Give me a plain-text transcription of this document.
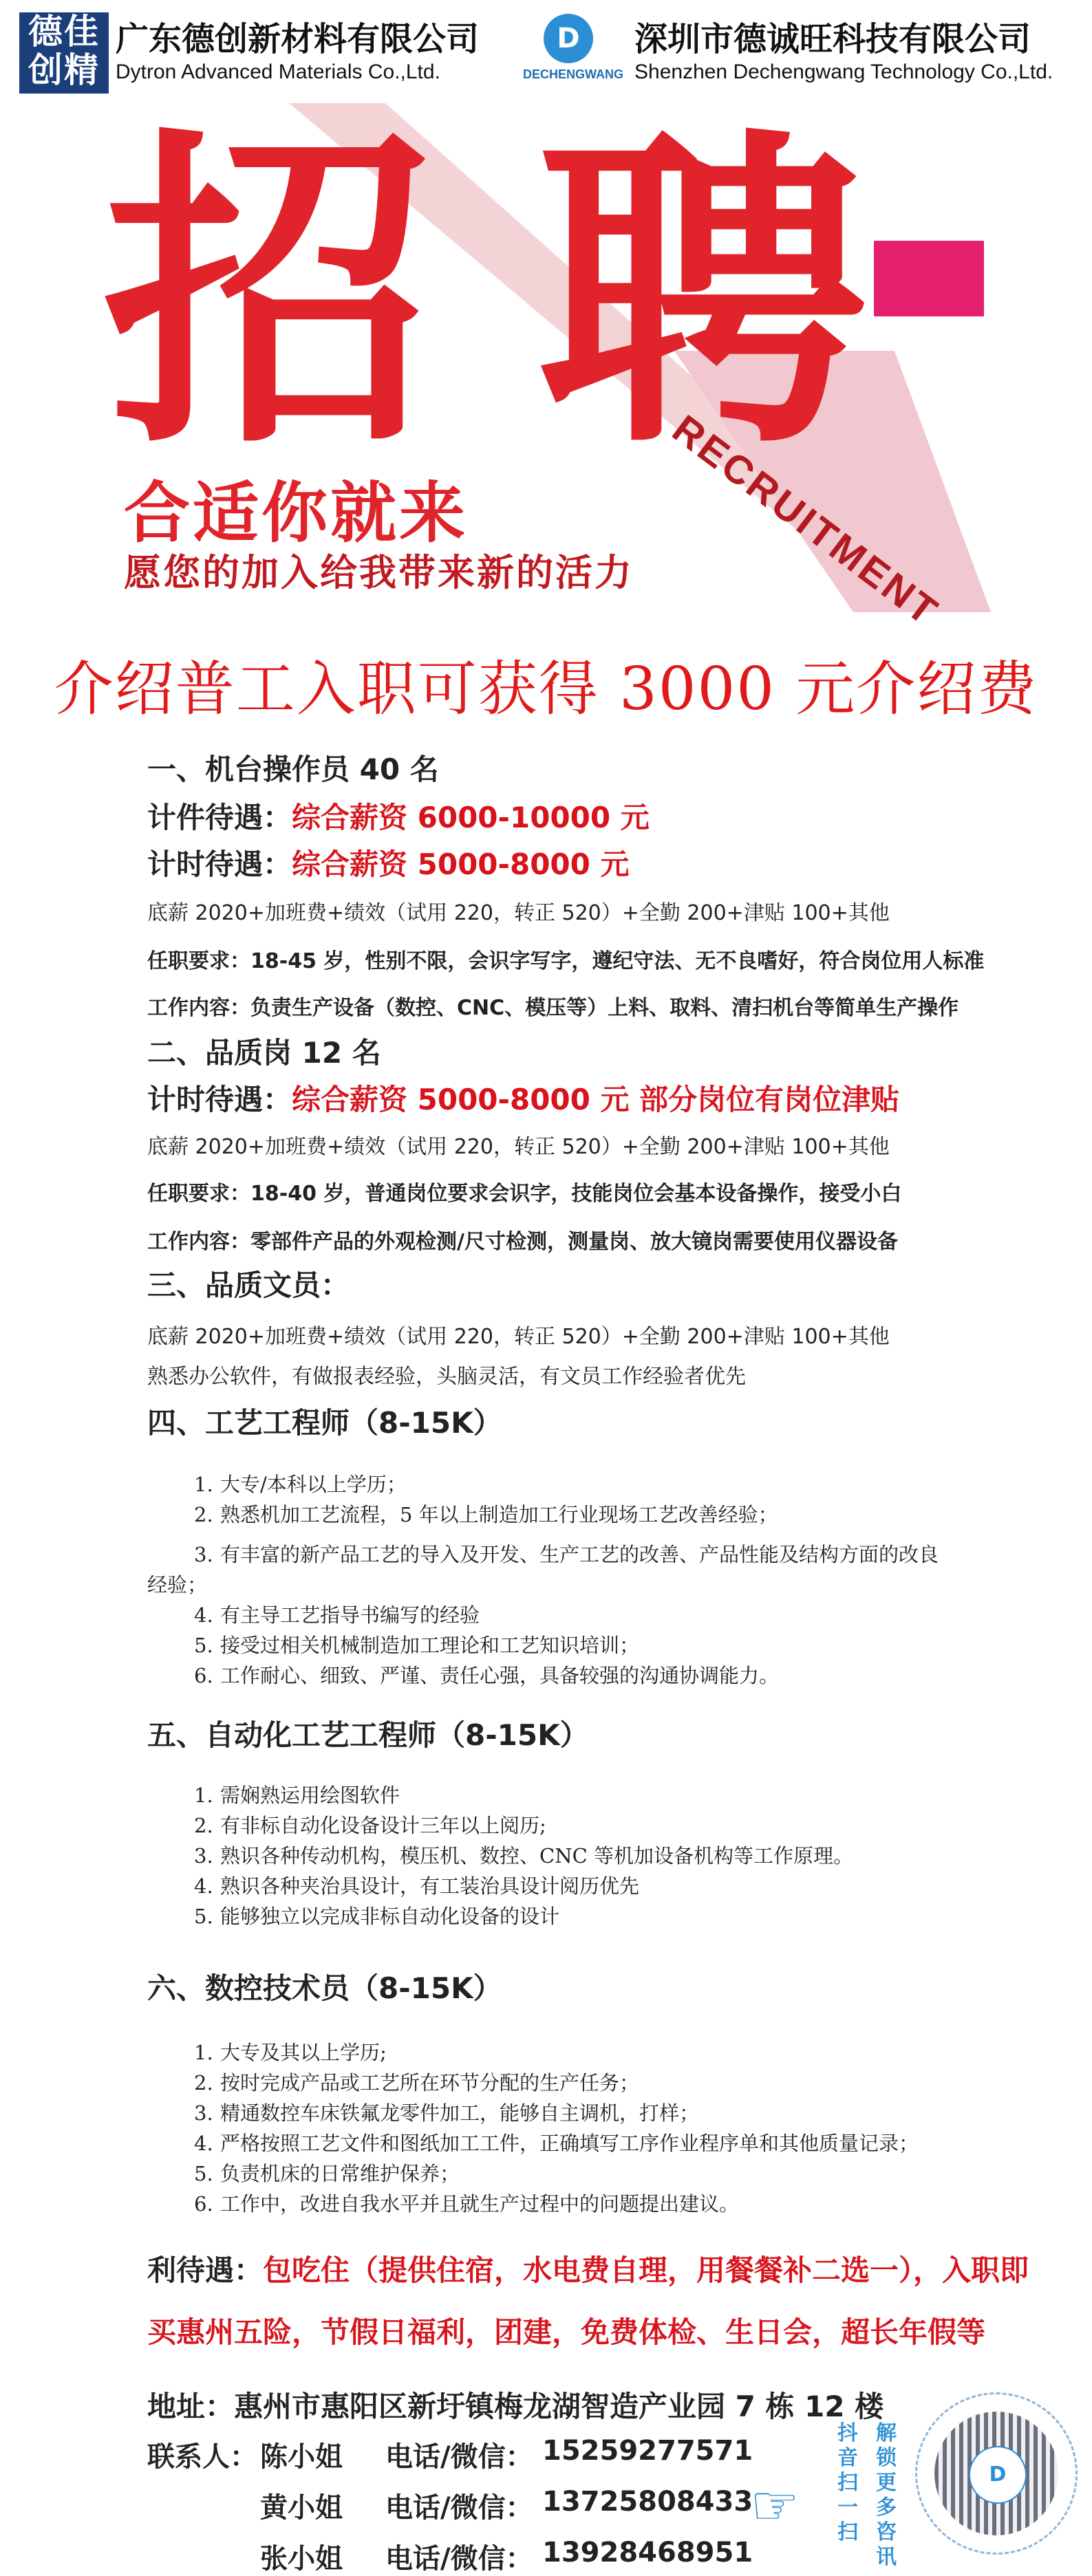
德佳
创精
广东德创新材料有限公司
Dytron Advanced Materials Co.,Ltd.
D
DECHENGWANG
深圳市德诚旺科技有限公司
Shenzhen Dechengwang Technology Co.,Ltd.
招 聘
合适你就来
愿您的加入给我带来新的活力 RECRUITMENT
介绍普工入职可获得 3000 元介绍费
一、机台操作员 40 名
计件待遇：综合薪资 6000-10000 元
计时待遇：综合薪资 5000-8000 元
底薪 2020+加班费+绩效（试用 220，转正 520）+全勤 200+津贴 100+其他
任职要求：18-45 岁，性别不限，会识字写字，遵纪守法、无不良嗜好，符合岗位用人标准
工作内容：负责生产设备（数控、CNC、模压等）上料、取料、清扫机台等简单生产操作
二、品质岗 12 名
计时待遇：综合薪资 5000-8000 元 部分岗位有岗位津贴
底薪 2020+加班费+绩效（试用 220，转正 520）+全勤 200+津贴 100+其他
任职要求：18-40 岁，普通岗位要求会识字，技能岗位会基本设备操作，接受小白
工作内容：零部件产品的外观检测/尺寸检测，测量岗、放大镜岗需要使用仪器设备
三、品质文员：
底薪 2020+加班费+绩效（试用 220，转正 520）+全勤 200+津贴 100+其他
熟悉办公软件，有做报表经验，头脑灵活，有文员工作经验者优先
四、工艺工程师（8-15K）
1. 大专/本科以上学历；
2. 熟悉机加工艺流程，5 年以上制造加工行业现场工艺改善经验；
3. 有丰富的新产品工艺的导入及开发、生产工艺的改善、产品性能及结构方面的改良
经验；
4. 有主导工艺指导书编写的经验
5. 接受过相关机械制造加工理论和工艺知识培训；
6. 工作耐心、细致、严谨、责任心强，具备较强的沟通协调能力。
五、自动化工艺工程师（8-15K）
1. 需娴熟运用绘图软件
2. 有非标自动化设备设计三年以上阅历;
3. 熟识各种传动机构，模压机、数控、CNC 等机加设备机构等工作原理。
4. 熟识各种夹治具设计，有工装治具设计阅历优先
5. 能够独立以完成非标自动化设备的设计
六、数控技术员（8-15K）
1. 大专及其以上学历;
2. 按时完成产品或工艺所在环节分配的生产任务；
3. 精通数控车床铁氟龙零件加工，能够自主调机，打样；
4. 严格按照工艺文件和图纸加工工件，正确填写工序作业程序单和其他质量记录；
5. 负责机床的日常维护保养；
6. 工作中，改进自我水平并且就生产过程中的问题提出建议。
利待遇：包吃住（提供住宿，水电费自理，用餐餐补二选一），入职即
买惠州五险，节假日福利，团建，免费体检、生日会，超长年假等
地址：惠州市惠阳区新圩镇梅龙湖智造产业园 7 栋 12 楼
联系人： 陈小姐 电话/微信： 15259277571
黄小姐 电话/微信： 13725808433
张小姐 电话/微信： 13928468951
☞
抖
音
扫
一
扫
解
锁
更
多
咨
讯
D
